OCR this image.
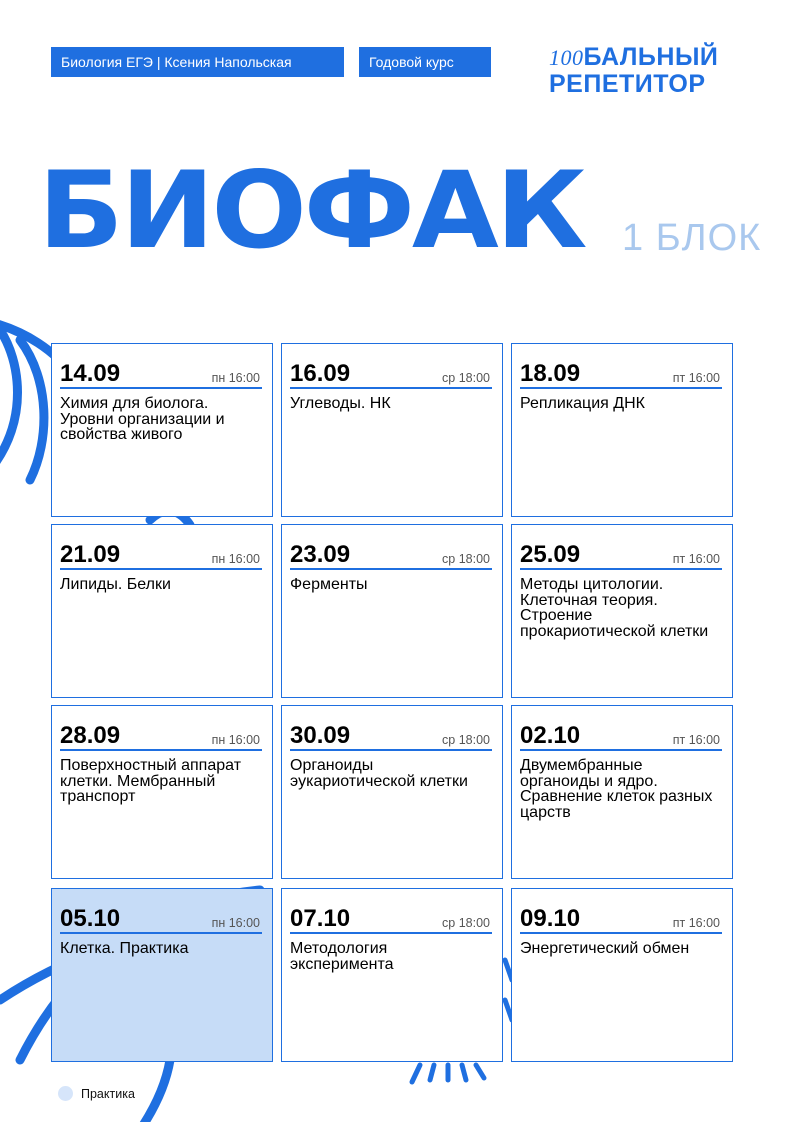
Биология ЕГЭ | Ксения Напольская	Годовой курс	100БАЛЬНЫЙ
РЕПЕТИТОР
БИОФАК 1 БЛОК
14.09	пн 16:00
Химия для биолога. Уровни организации и свойства живого
16.09	ср 18:00
Углеводы. НК
18.09	пт 16:00
Репликация ДНК
21.09	пн 16:00
Липиды. Белки
23.09	ср 18:00
Ферменты
25.09	пт 16:00
Методы цитологии. Клеточная теория. Строение прокариотической клетки
28.09	пн 16:00
Поверхностный аппарат клетки. Мембранный транспорт
30.09	ср 18:00
Органоиды эукариотической клетки
02.10	пт 16:00
Двумембранные органоиды и ядро. Сравнение клеток разных царств
05.10	пн 16:00
Клетка. Практика
07.10	ср 18:00
Методология эксперимента
09.10	пт 16:00
Энергетический обмен
Практика
